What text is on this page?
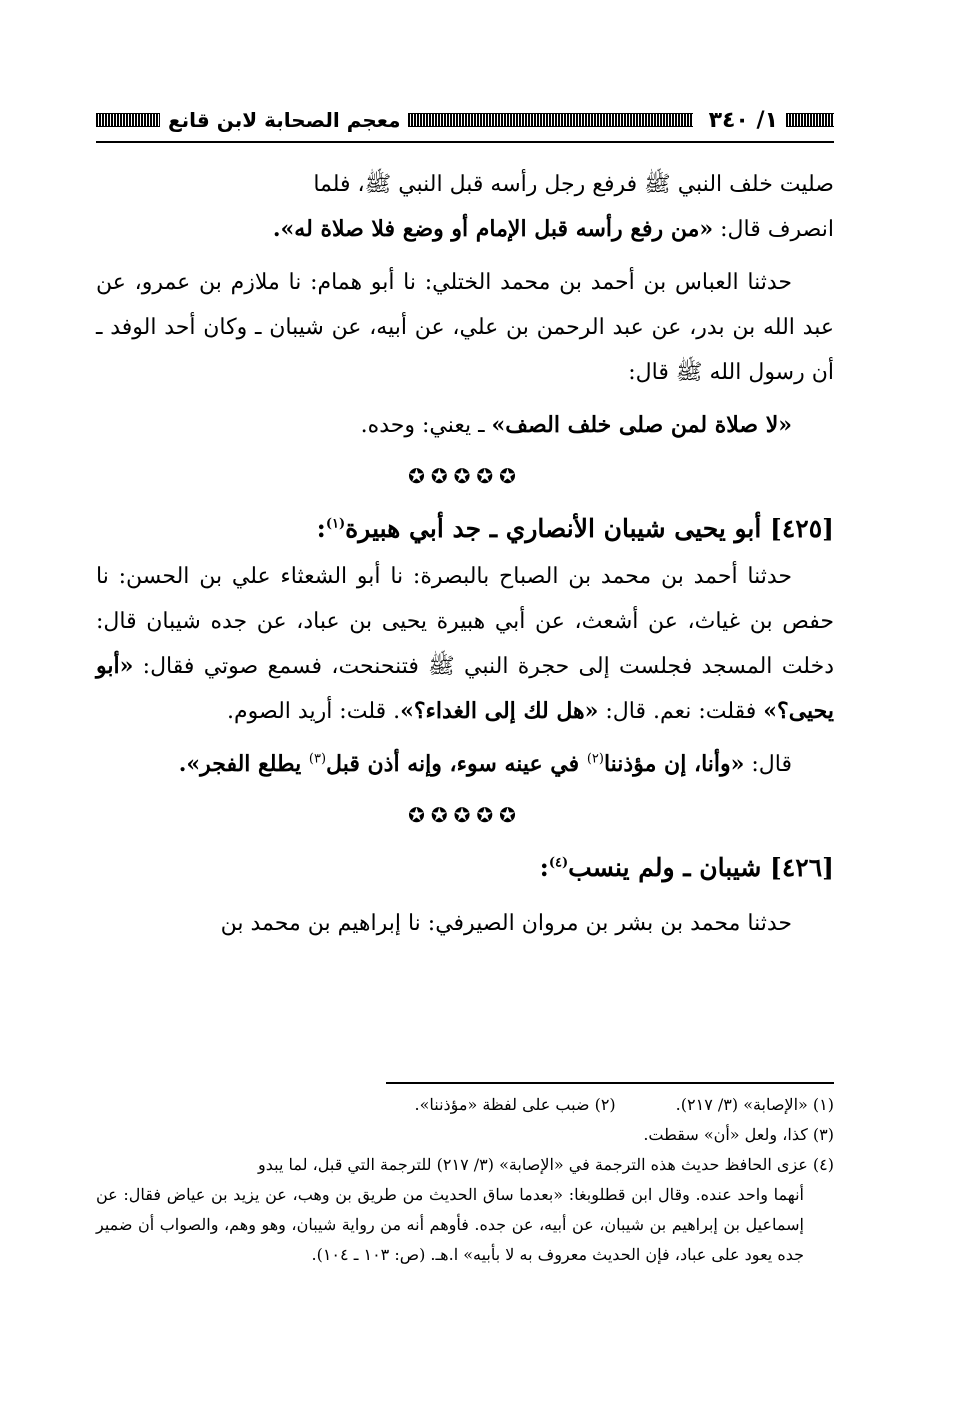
١/ ٣٤٠
معجم الصحابة لابن قانع

صليت خلف النبي ﷺ فرفع رجل رأسه قبل النبي ﷺ، فلما

انصرف قال: «من رفع رأسه قبل الإمام أو وضع فلا صلاة له».

حدثنا العباس بن أحمد بن محمد الختلي: نا أبو همام: نا ملازم بن عمرو، عن عبد الله بن بدر، عن عبد الرحمن بن علي، عن أبيه، عن شيبان ـ وكان أحد الوفد ـ أن رسول الله ﷺ قال:

«لا صلاة لمن صلى خلف الصف» ـ يعني: وحده.

✪✪✪✪✪

[٤٢٥] أبو يحيى شيبان الأنصاري ـ جد أبي هبيرة$^{(١)}$:

حدثنا أحمد بن محمد بن الصباح بالبصرة: نا أبو الشعثاء علي بن الحسن: نا حفص بن غياث، عن أشعث، عن أبي هبيرة يحيى بن عباد، عن جده شيبان قال: دخلت المسجد فجلست إلى حجرة النبي ﷺ فتنحنحت، فسمع صوتي فقال: «أبو يحيى؟» فقلت: نعم. قال: «هل لك إلى الغداء؟». قلت: أريد الصوم.

قال: «وأنا، إن مؤذننا$^{(٢)}$ في عينه سوء، وإنه أذن قبل$^{(٣)}$ يطلع الفجر».

✪✪✪✪✪

[٤٢٦] شيبان ـ ولم ينسب$^{(٤)}$:

حدثنا محمد بن بشر بن مروان الصيرفي: نا إبراهيم بن محمد بن

(١) «الإصابة» (٣/ ٢١٧).

(٢) ضبب على لفظة «مؤذننا».

(٣) كذا، ولعل «أن» سقطت.

(٤) عزى الحافظ حديث هذه الترجمة في «الإصابة» (٣/ ٢١٧) للترجمة التي قبل، لما يبدو

أنهما واحد عنده. وقال ابن قطلوبغا: «بعدما ساق الحديث من طريق بن وهب، عن يزيد بن عياض فقال: عن إسماعيل بن إبراهيم بن شيبان، عن أبيه، عن جده. فأوهم أنه من رواية شيبان، وهو وهم، والصواب أن ضمير جده يعود على عباد، فإن الحديث معروف به لا بأبيه» ا.هـ. (ص: ١٠٣ ـ ١٠٤).
